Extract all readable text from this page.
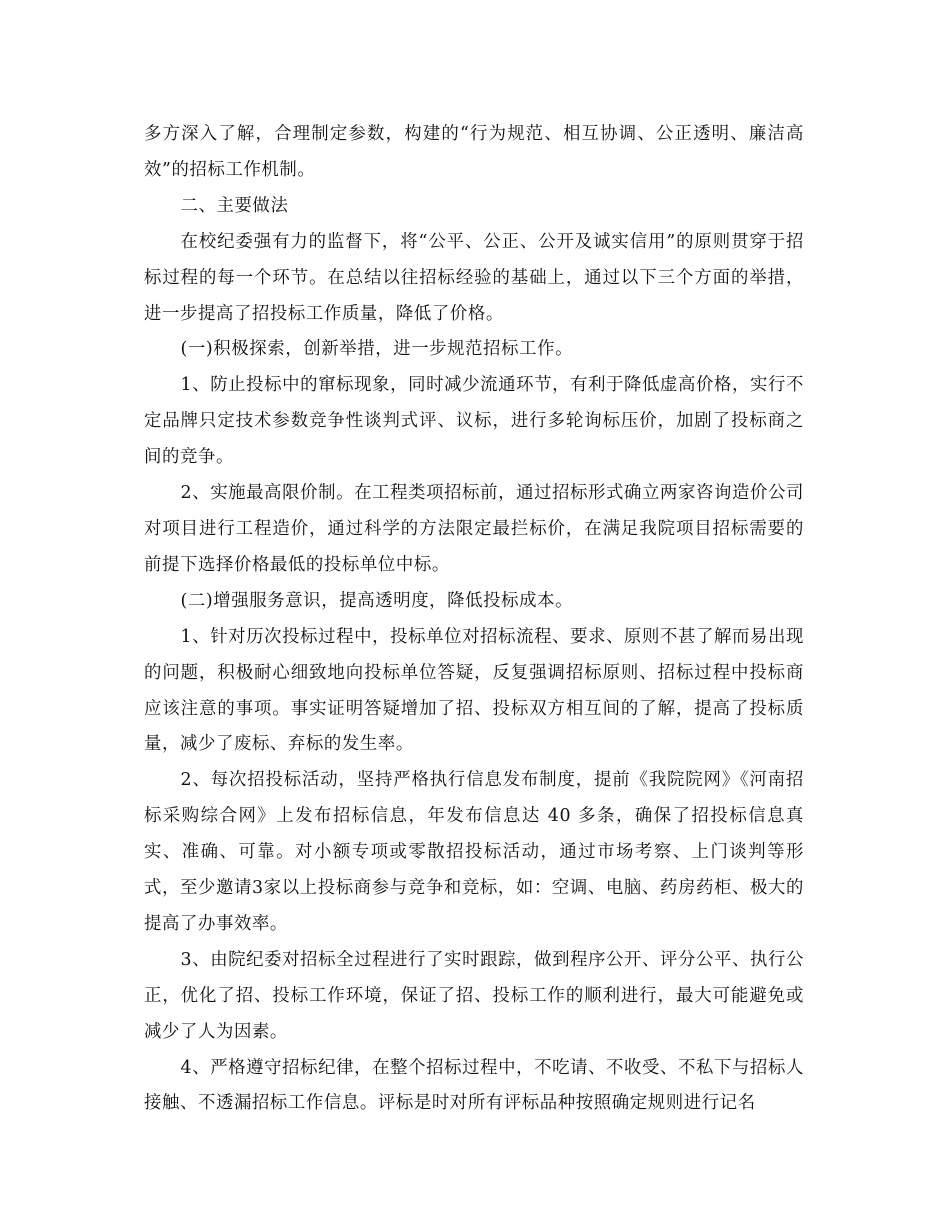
多方深入了解，合理制定参数，构建的“行为规范、相互协调、公正透明、廉洁高效”的招标工作机制。

二、主要做法

在校纪委强有力的监督下，将“公平、公正、公开及诚实信用”的原则贯穿于招标过程的每一个环节。在总结以往招标经验的基础上，通过以下三个方面的举措，进一步提高了招投标工作质量，降低了价格。

(一)积极探索，创新举措，进一步规范招标工作。

1、防止投标中的窜标现象，同时减少流通环节，有利于降低虚高价格，实行不定品牌只定技术参数竞争性谈判式评、议标，进行多轮询标压价，加剧了投标商之间的竞争。

2、实施最高限价制。在工程类项招标前，通过招标形式确立两家咨询造价公司对项目进行工程造价，通过科学的方法限定最拦标价，在满足我院项目招标需要的前提下选择价格最低的投标单位中标。

(二)增强服务意识，提高透明度，降低投标成本。

1、针对历次投标过程中，投标单位对招标流程、要求、原则不甚了解而易出现的问题，积极耐心细致地向投标单位答疑，反复强调招标原则、招标过程中投标商应该注意的事项。事实证明答疑增加了招、投标双方相互间的了解，提高了投标质量，减少了废标、弃标的发生率。

2、每次招投标活动，坚持严格执行信息发布制度，提前《我院院网》《河南招标采购综合网》上发布招标信息，年发布信息达 40 多条，确保了招投标信息真实、准确、可靠。对小额专项或零散招投标活动，通过市场考察、上门谈判等形式，至少邀请3家以上投标商参与竞争和竞标，如：空调、电脑、药房药柜、极大的提高了办事效率。

3、由院纪委对招标全过程进行了实时跟踪，做到程序公开、评分公平、执行公正，优化了招、投标工作环境，保证了招、投标工作的顺利进行，最大可能避免或减少了人为因素。

4、严格遵守招标纪律，在整个招标过程中，不吃请、不收受、不私下与招标人接触、不透漏招标工作信息。评标是时对所有评标品种按照确定规则进行记名
